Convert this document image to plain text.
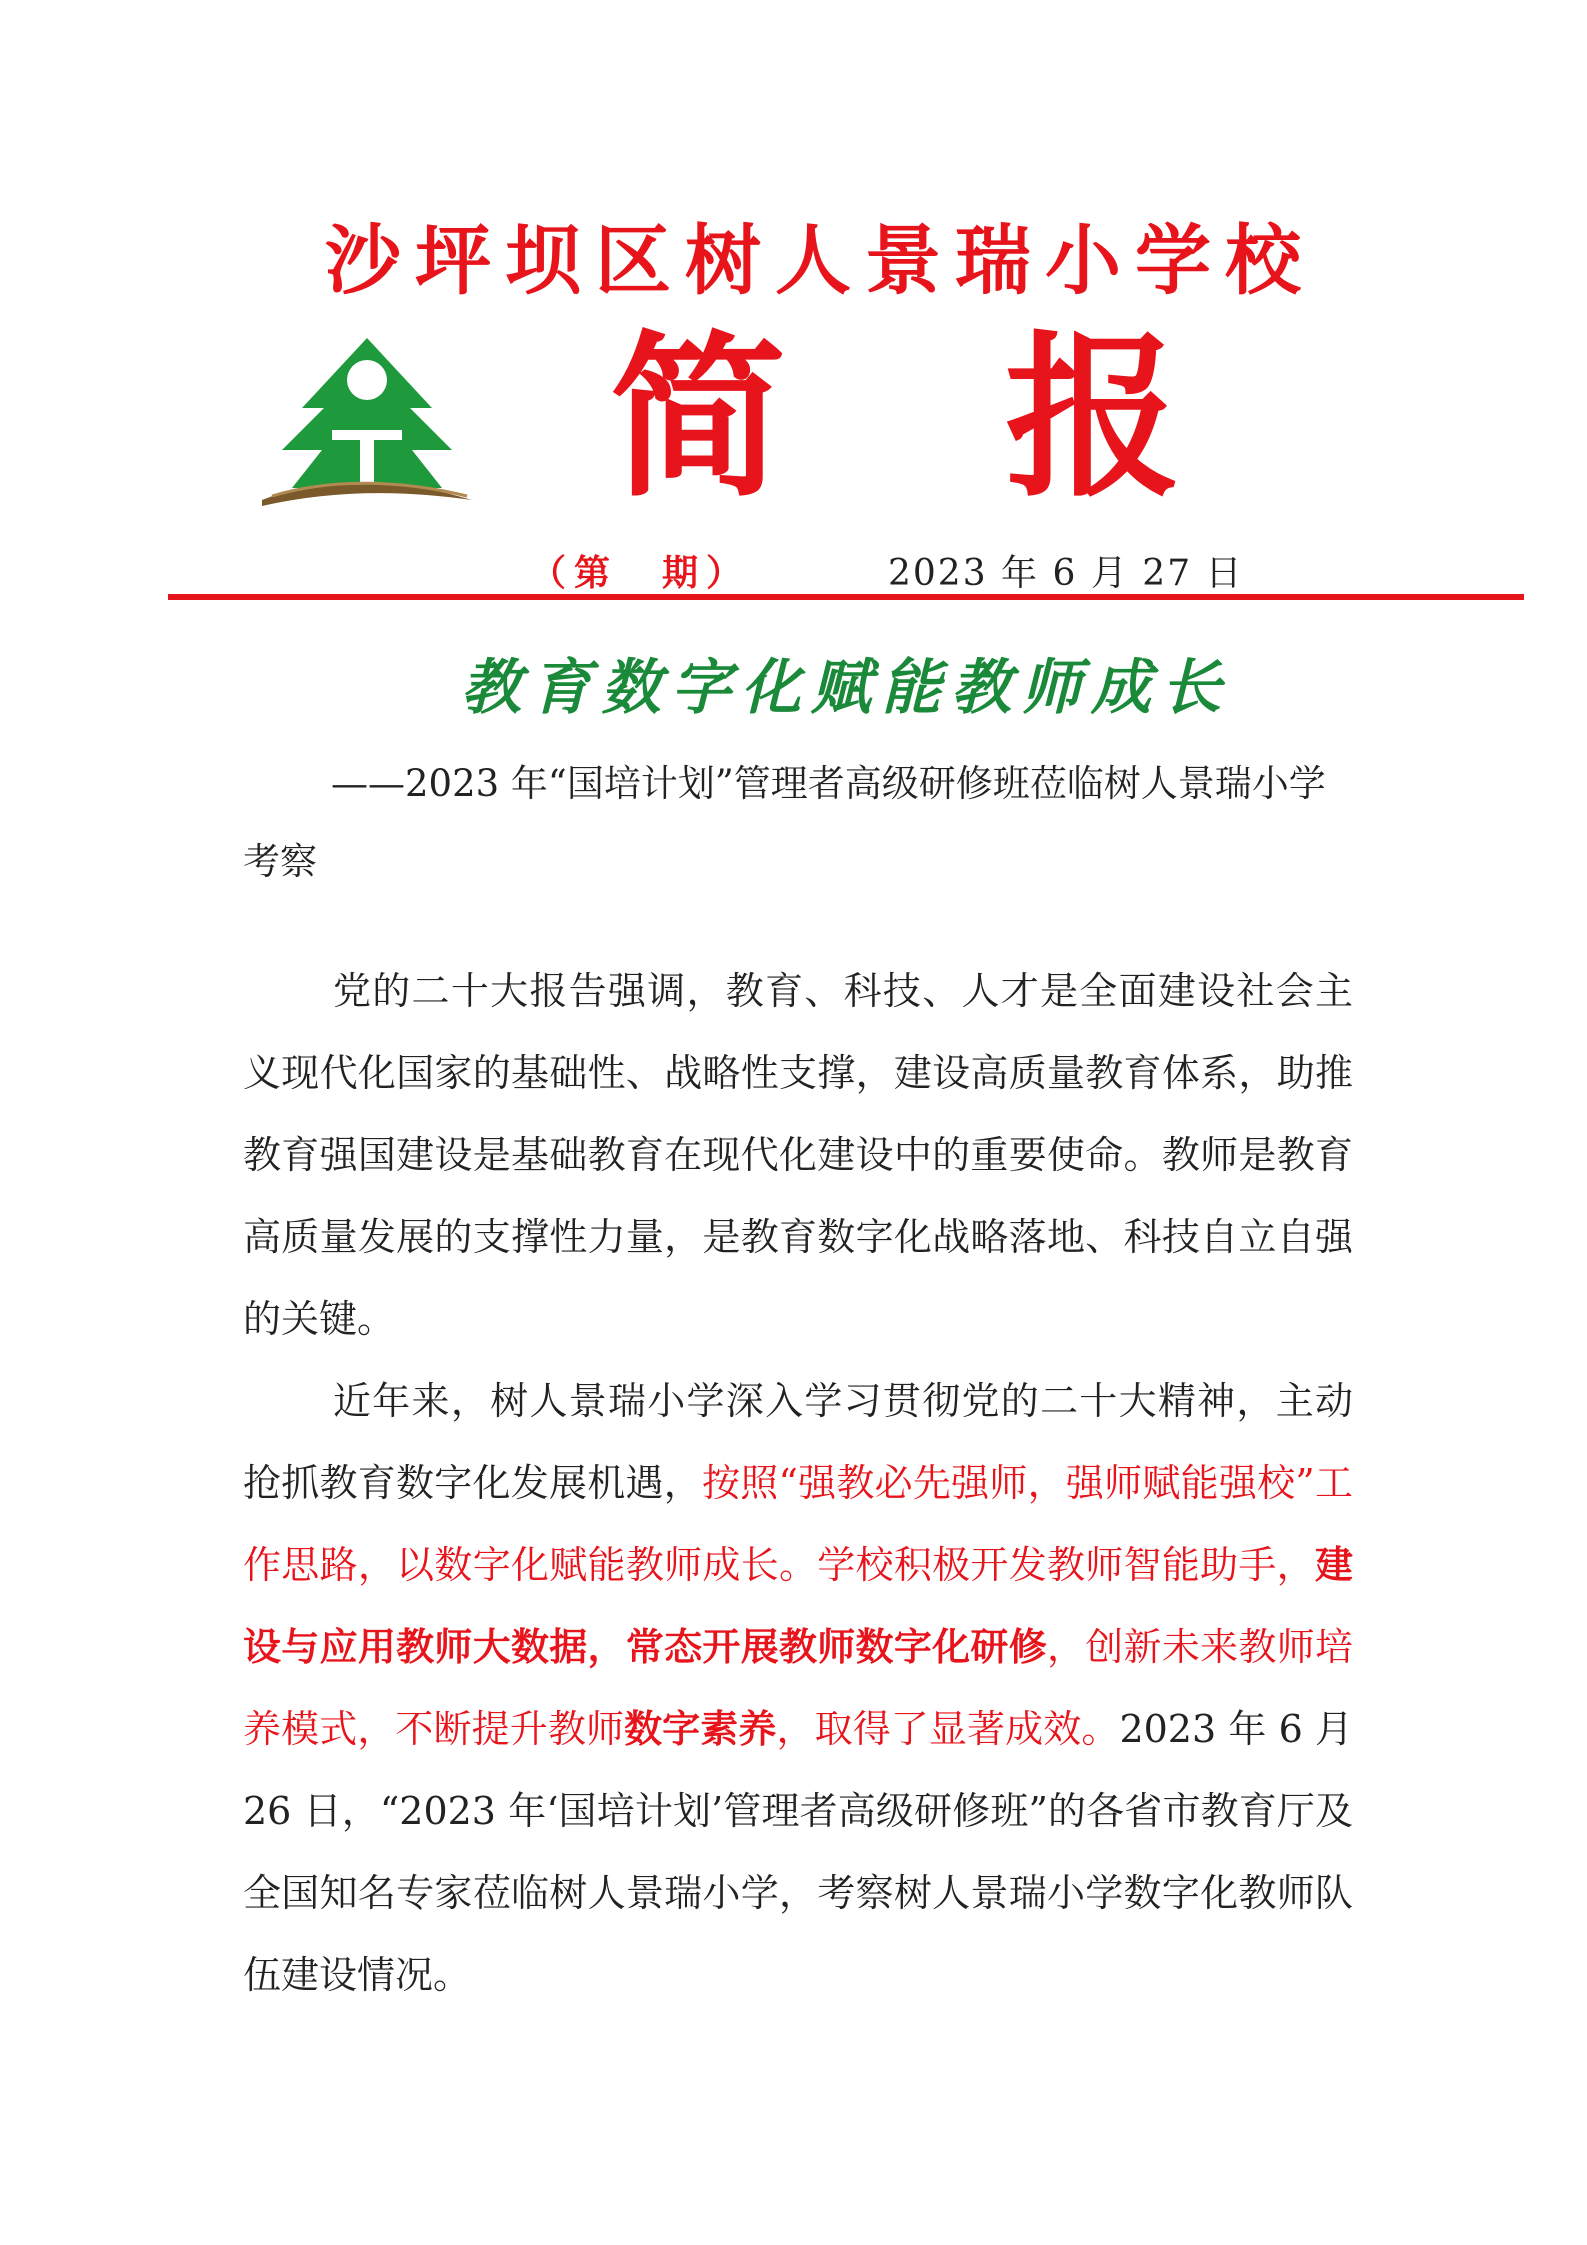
沙坪坝区树人景瑞小学校
简 报
（第　期）	2023 年 6 月 27 日
教育数字化赋能教师成长
——2023 年“国培计划”管理者高级研修班莅临树人景瑞小学考察
党的二十大报告强调，教育、科技、人才是全面建设社会主义现代化国家的基础性、战略性支撑，建设高质量教育体系，助推教育强国建设是基础教育在现代化建设中的重要使命。教师是教育高质量发展的支撑性力量，是教育数字化战略落地、科技自立自强的关键。
近年来，树人景瑞小学深入学习贯彻党的二十大精神，主动抢抓教育数字化发展机遇，按照“强教必先强师，强师赋能强校”工作思路，以数字化赋能教师成长。学校积极开发教师智能助手，建设与应用教师大数据，常态开展教师数字化研修，创新未来教师培养模式，不断提升教师数字素养，取得了显著成效。2023 年 6 月 26 日，“2023 年‘国培计划’管理者高级研修班”的各省市教育厅及全国知名专家莅临树人景瑞小学，考察树人景瑞小学数字化教师队伍建设情况。
